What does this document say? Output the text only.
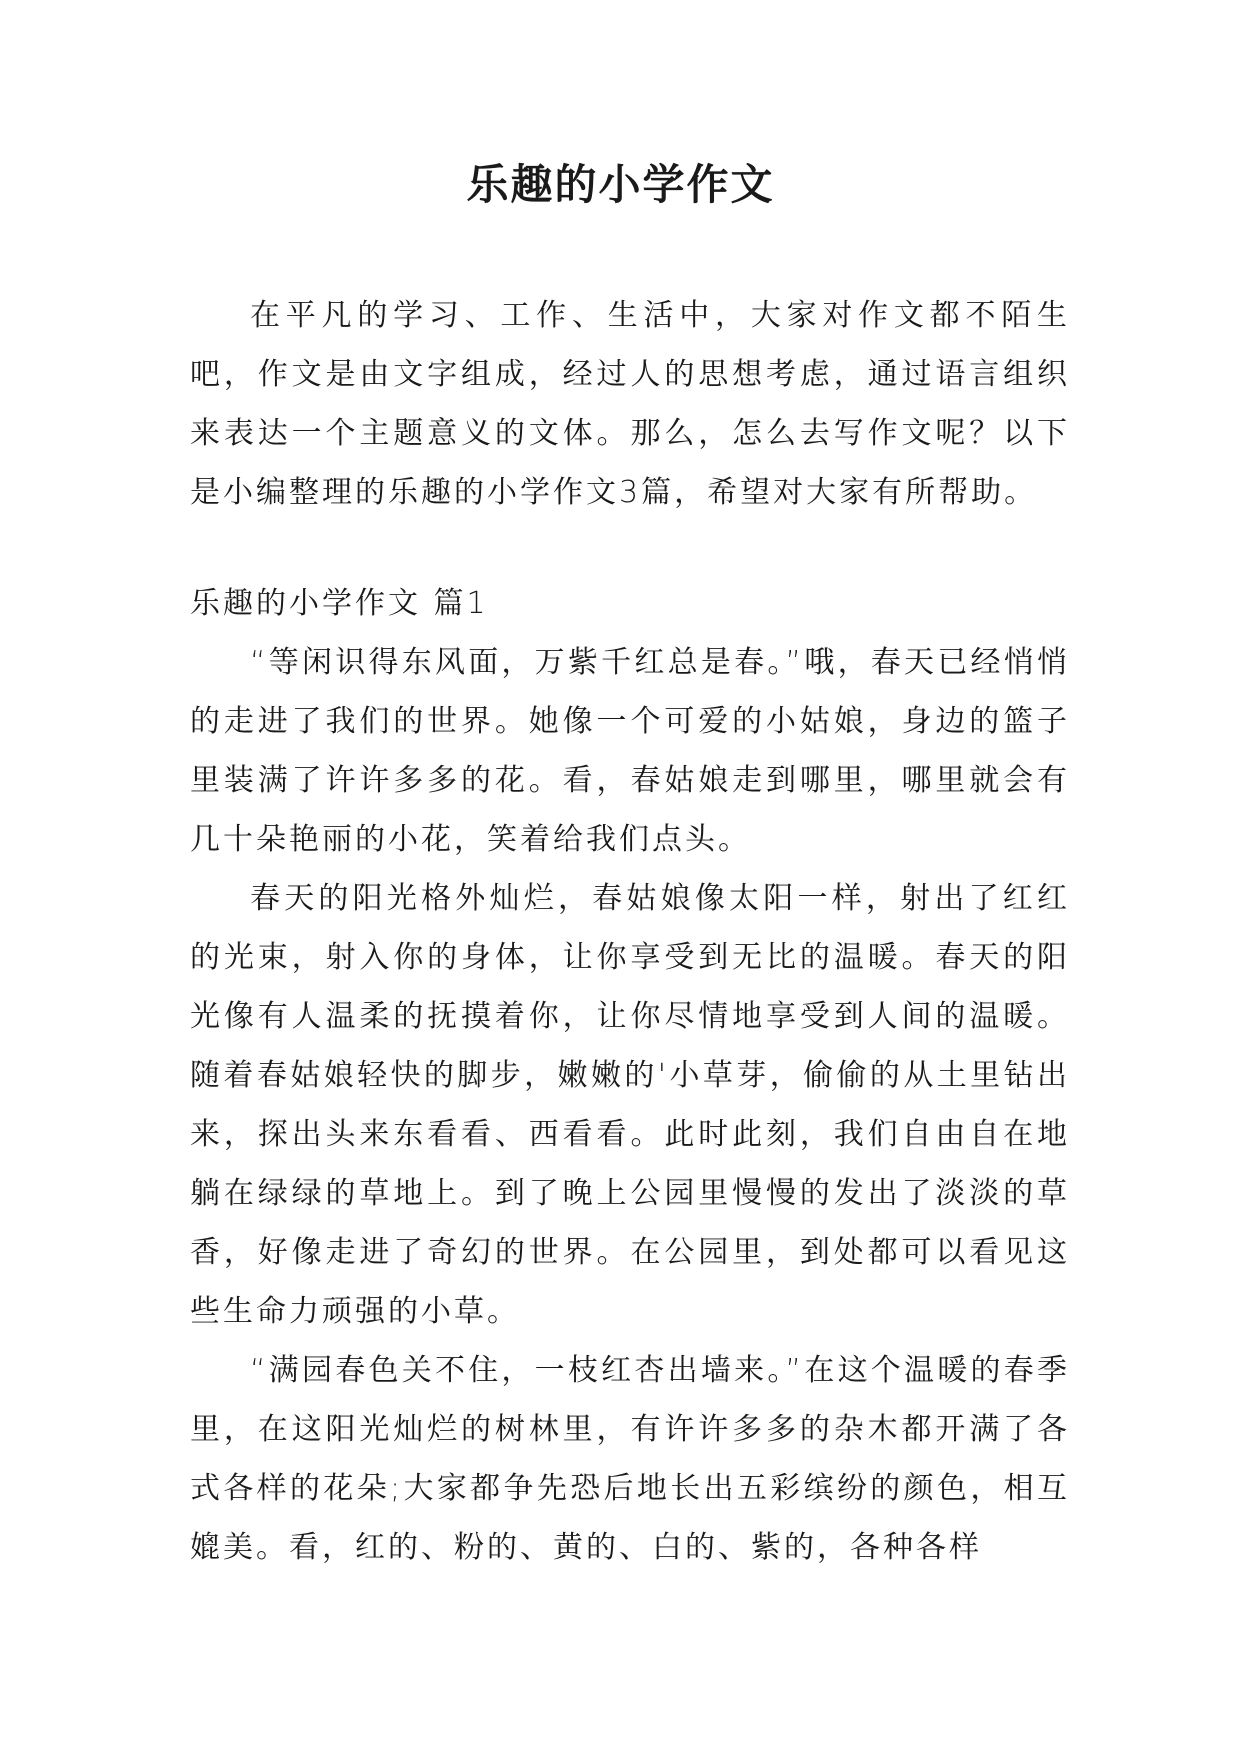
乐趣的小学作文

在平凡的学习、工作、生活中，大家对作文都不陌生吧，作文是由文字组成，经过人的思想考虑，通过语言组织来表达一个主题意义的文体。那么，怎么去写作文呢？以下是小编整理的乐趣的小学作文3篇，希望对大家有所帮助。

乐趣的小学作文 篇1

“等闲识得东风面，万紫千红总是春。”哦，春天已经悄悄的走进了我们的世界。她像一个可爱的小姑娘，身边的篮子里装满了许许多多的花。看，春姑娘走到哪里，哪里就会有几十朵艳丽的小花，笑着给我们点头。

春天的阳光格外灿烂，春姑娘像太阳一样，射出了红红的光束，射入你的身体，让你享受到无比的温暖。春天的阳光像有人温柔的抚摸着你，让你尽情地享受到人间的温暖。随着春姑娘轻快的脚步，嫩嫩的'小草芽，偷偷的从土里钻出来，探出头来东看看、西看看。此时此刻，我们自由自在地躺在绿绿的草地上。到了晚上公园里慢慢的发出了淡淡的草香，好像走进了奇幻的世界。在公园里，到处都可以看见这些生命力顽强的小草。

“满园春色关不住，一枝红杏出墙来。”在这个温暖的春季里，在这阳光灿烂的树林里，有许许多多的杂木都开满了各式各样的花朵;大家都争先恐后地长出五彩缤纷的颜色，相互媲美。看，红的、粉的、黄的、白的、紫的，各种各样
